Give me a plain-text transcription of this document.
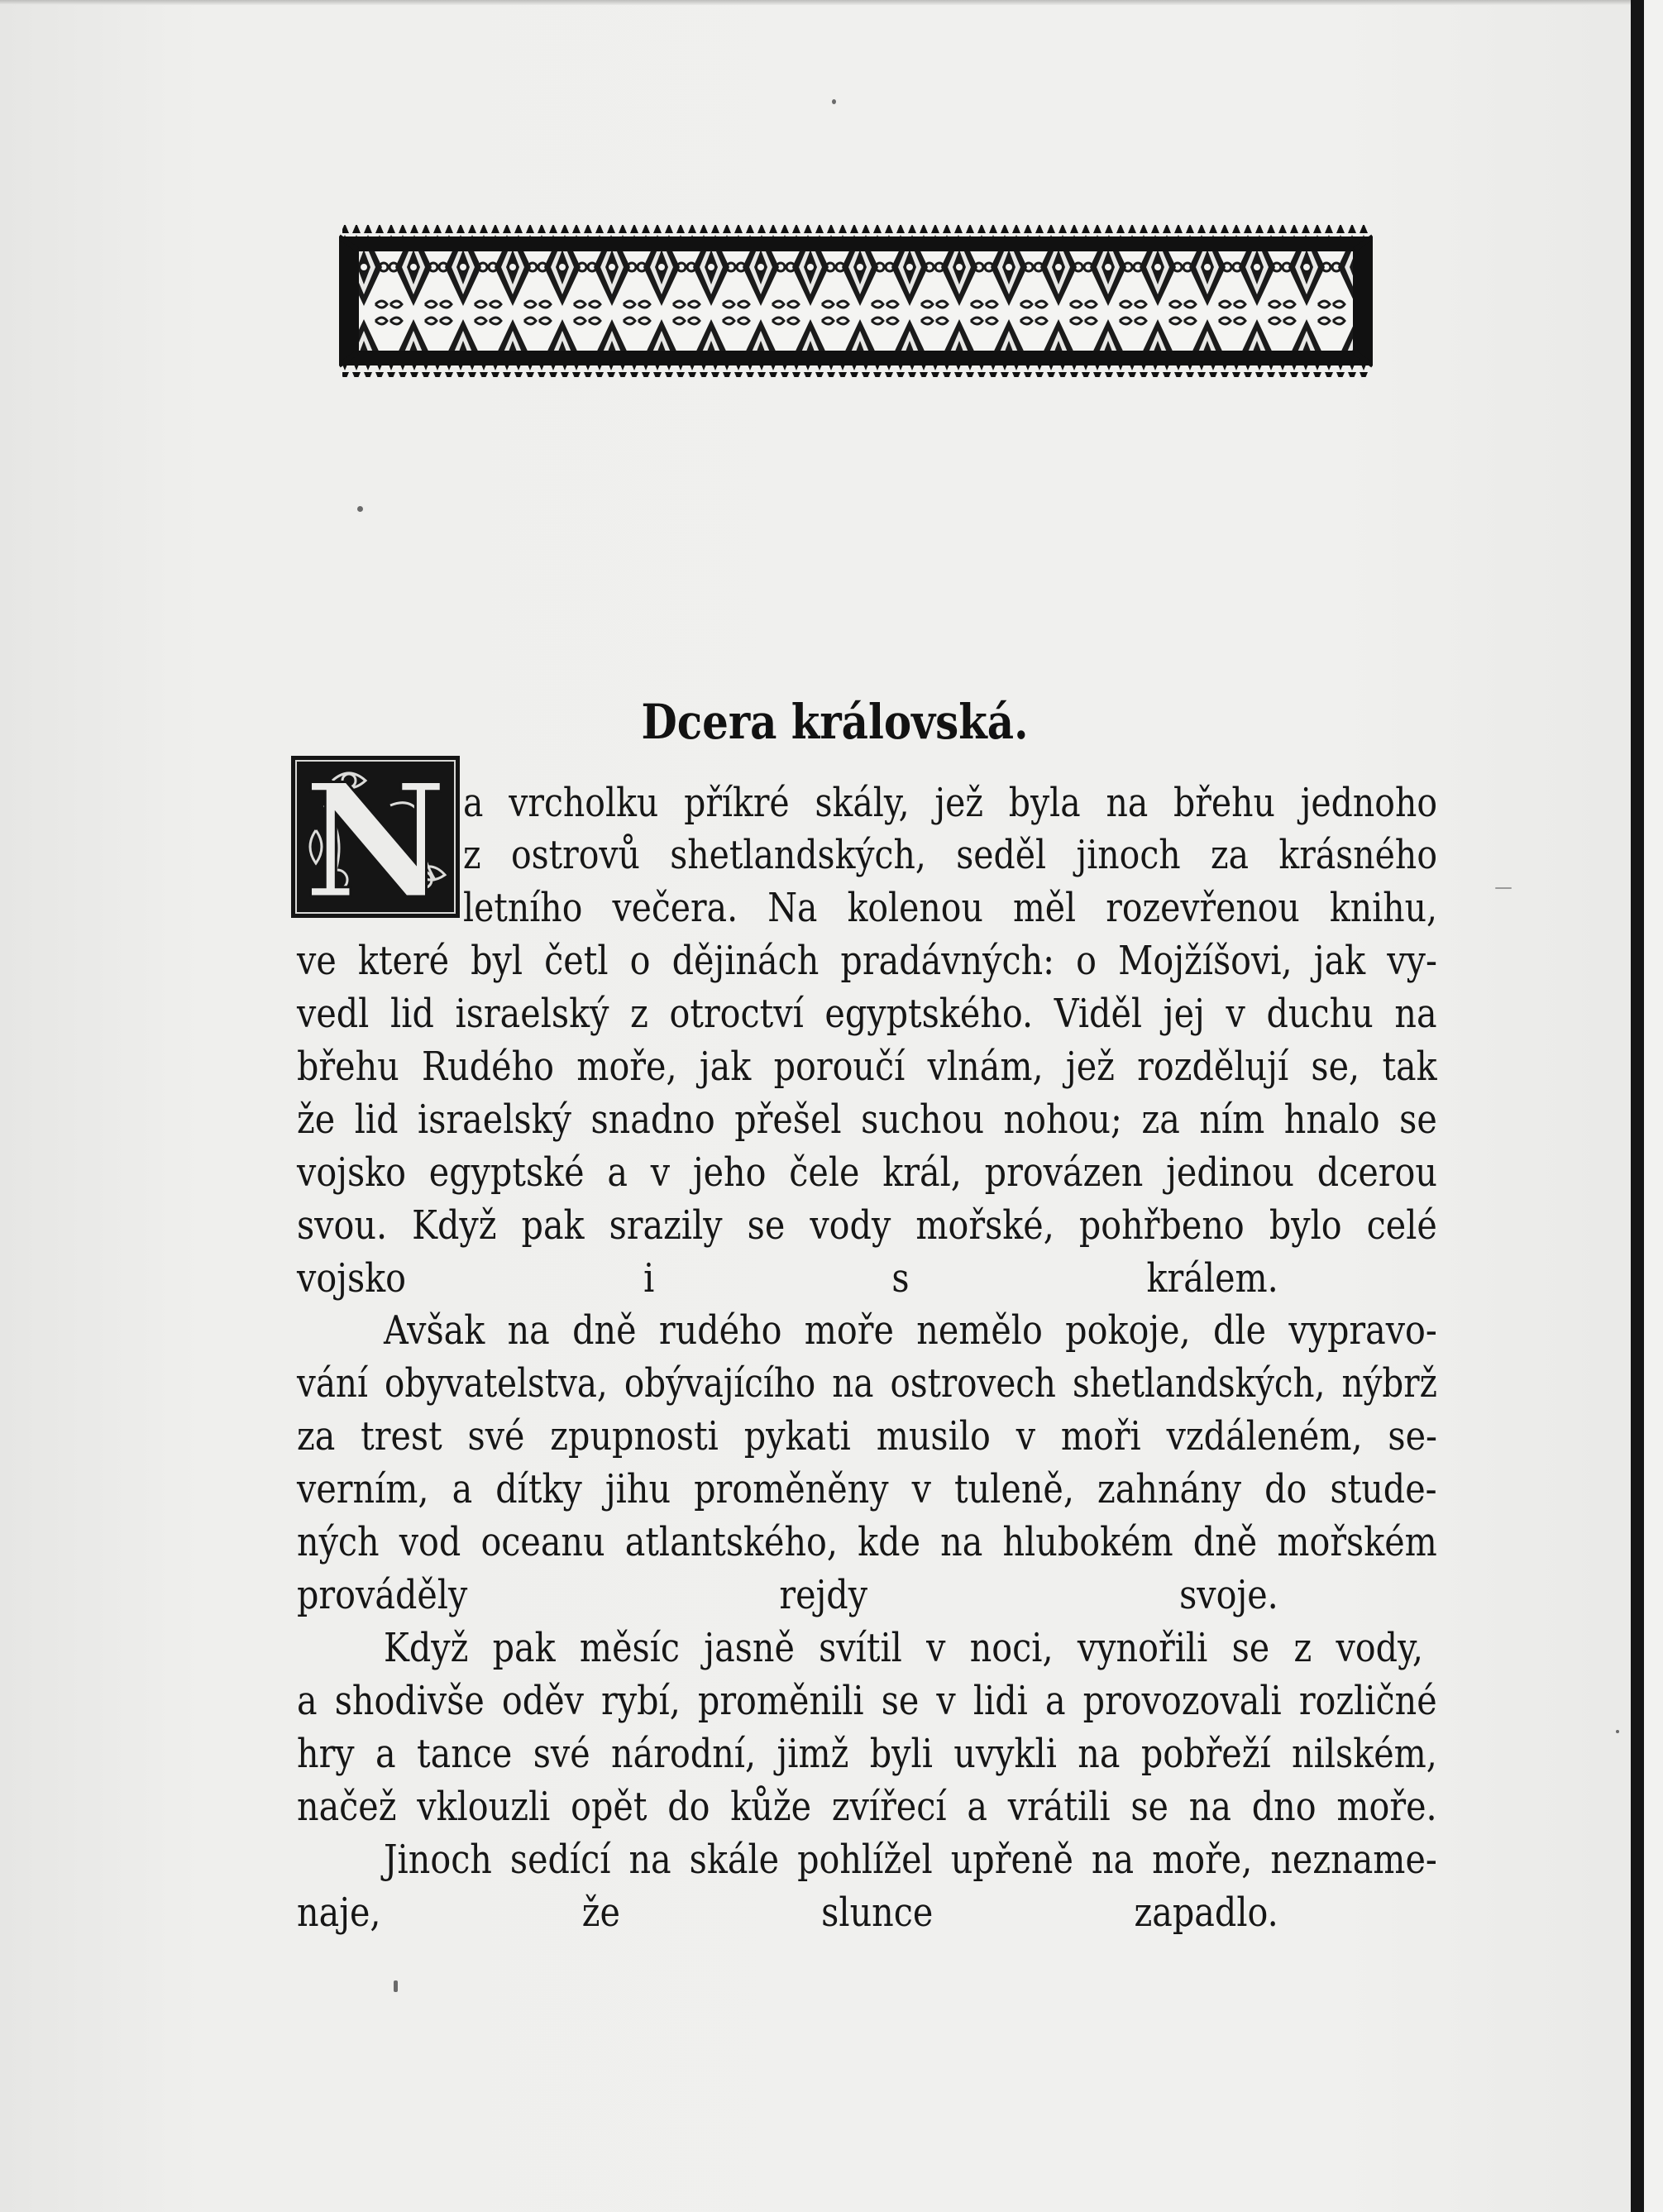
Dcera královská.
N a vrcholku příkré skály, jež byla na břehu jednoho
z ostrovů shetlandských, seděl jinoch za krásného
letního večera. Na kolenou měl rozevřenou knihu,
ve které byl četl o dějinách pradávných: o Mojžíšovi, jak vy-
vedl lid israelský z otroctví egyptského. Viděl jej v duchu na
břehu Rudého moře, jak poroučí vlnám, jež rozdělují se, tak
že lid israelský snadno přešel suchou nohou; za ním hnalo se
vojsko egyptské a v jeho čele král, provázen jedinou dcerou
svou. Když pak srazily se vody mořské, pohřbeno bylo celé
vojsko i s králem.
Avšak na dně rudého moře nemělo pokoje, dle vypravo-
vání obyvatelstva, obývajícího na ostrovech shetlandských, nýbrž
za trest své zpupnosti pykati musilo v moři vzdáleném, se-
verním, a dítky jihu proměněny v tuleně, zahnány do stude-
ných vod oceanu atlantského, kde na hlubokém dně mořském
prováděly rejdy svoje.
Když pak měsíc jasně svítil v noci, vynořili se z vody,
a shodivše oděv rybí, proměnili se v lidi a provozovali rozličné
hry a tance své národní, jimž byli uvykli na pobřeží nilském,
načež vklouzli opět do kůže zvířecí a vrátili se na dno moře.
Jinoch sedící na skále pohlížel upřeně na moře, neznamе-
naje, že slunce zapadlo.
